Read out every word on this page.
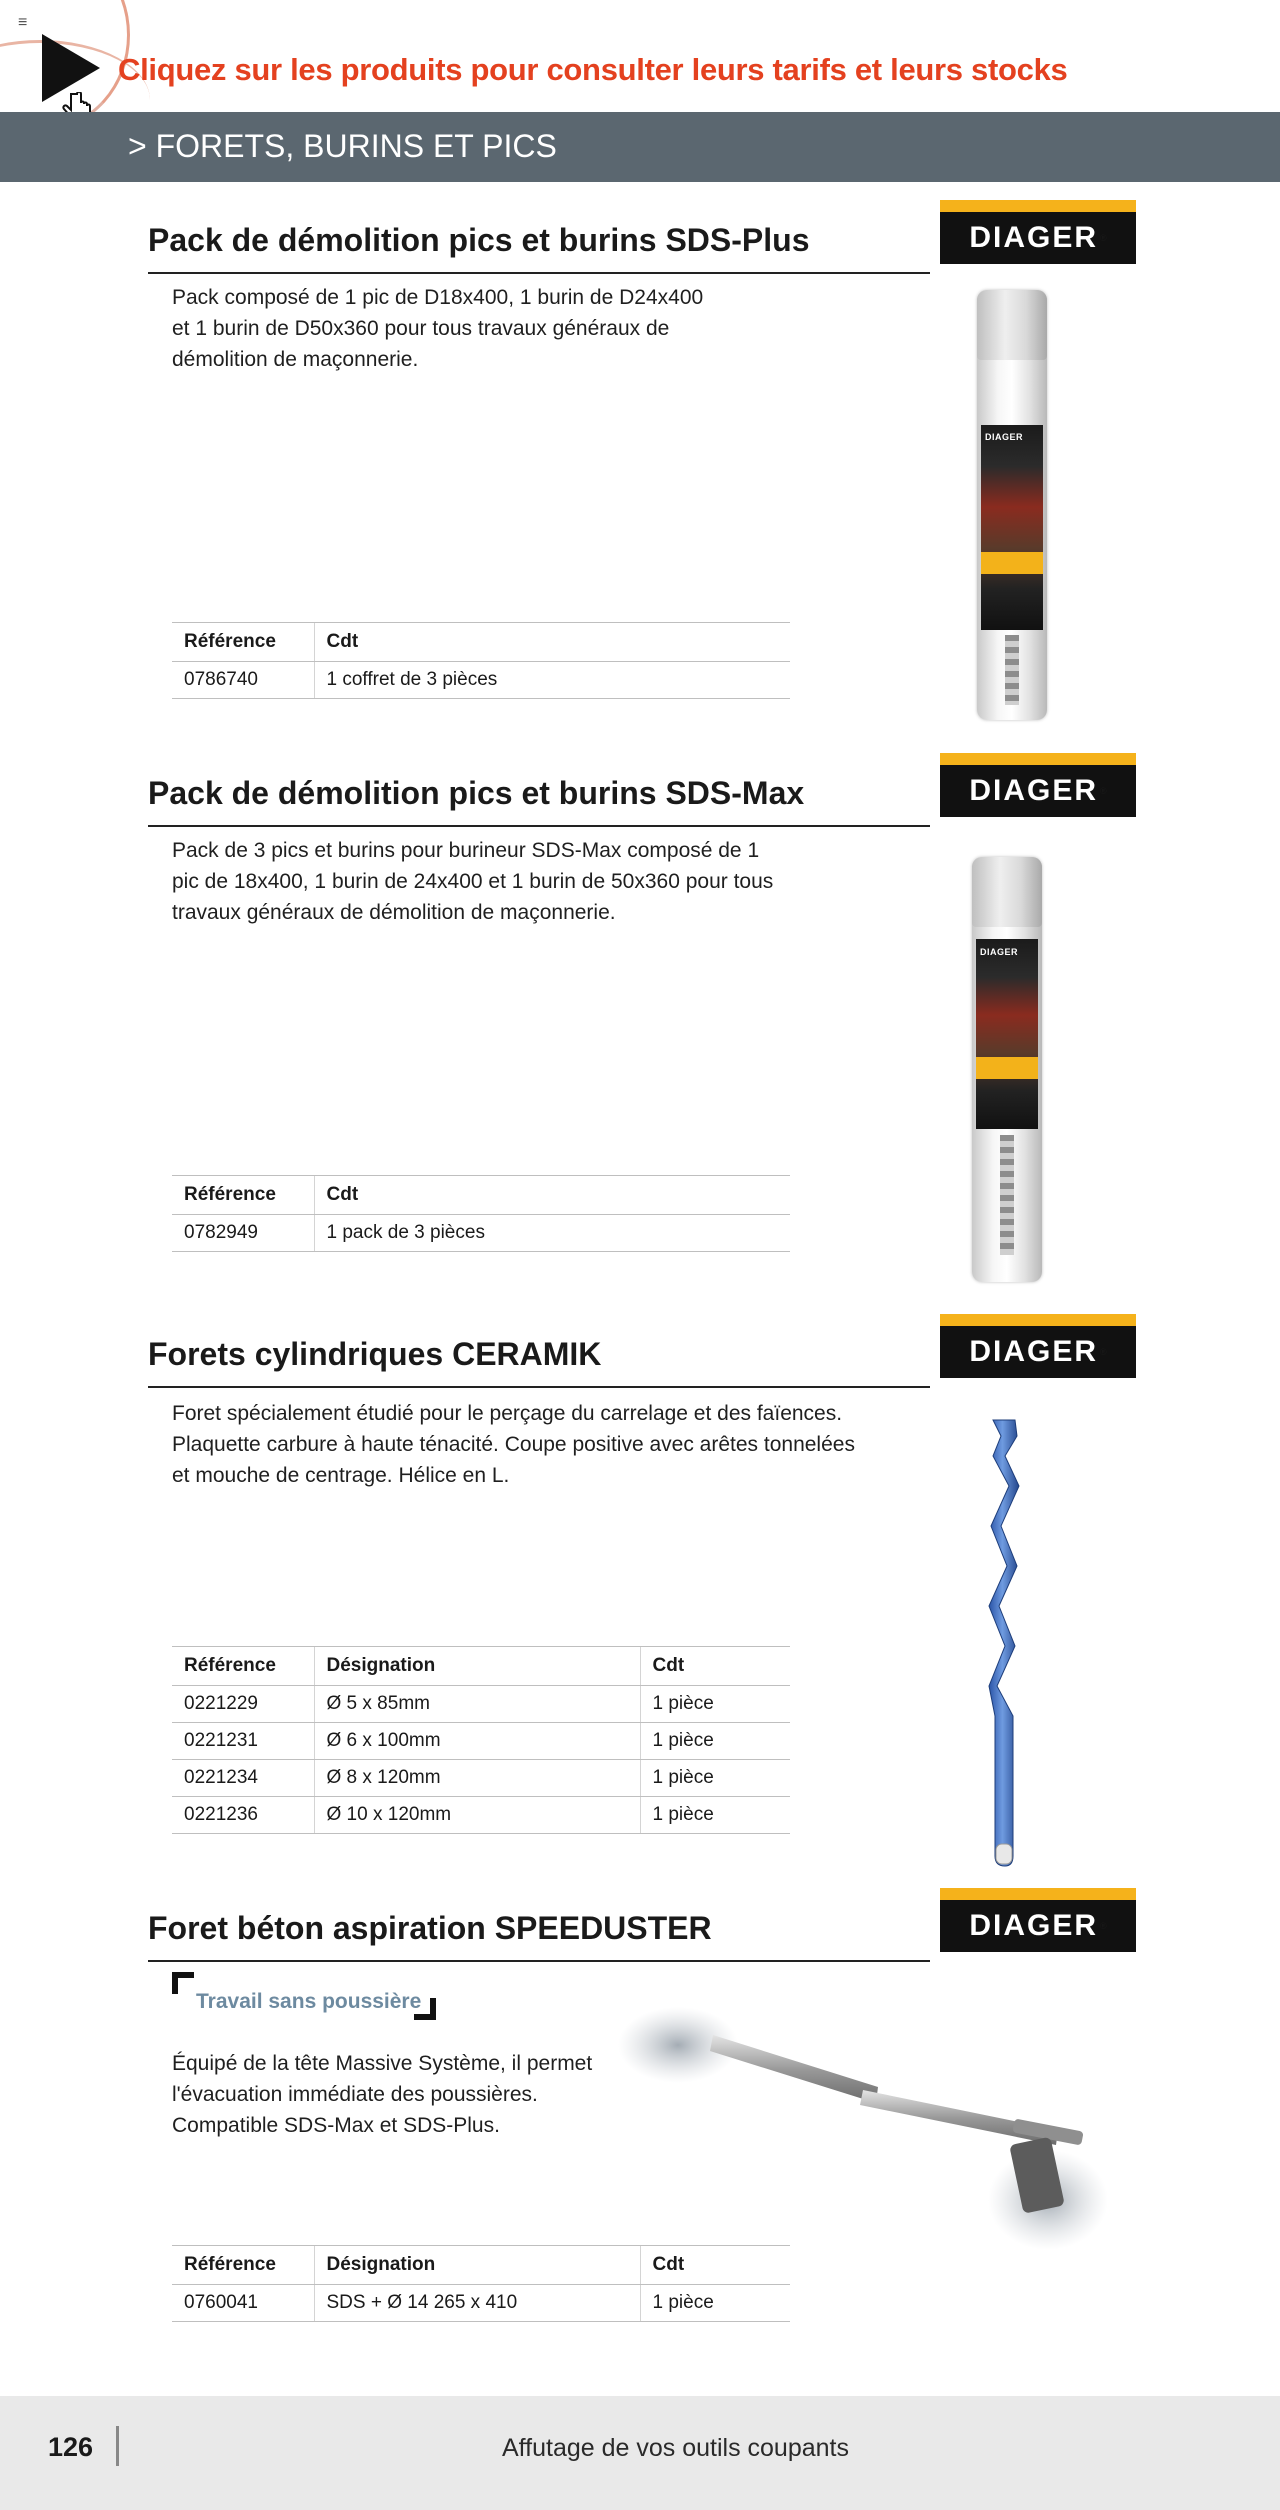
≡
Cliquez sur les produits pour consulter leurs tarifs et leurs stocks
> FORETS, BURINS ET PICS
Pack de démolition pics et burins SDS-Plus	DIAGER ®
Pack composé de 1 pic de D18x400, 1 burin de D24x400
et 1 burin de D50x360 pour tous travaux généraux de
démolition de maçonnerie.
Référence	Cdt
0786740	1 coffret de 3 pièces
DIAGER
Pack de démolition pics et burins SDS-Max	DIAGER ®
Pack de 3 pics et burins pour burineur SDS-Max composé de 1
pic de 18x400, 1 burin de 24x400 et 1 burin de 50x360 pour tous
travaux généraux de démolition de maçonnerie.
Référence	Cdt
0782949	1 pack de 3 pièces
DIAGER
Forets cylindriques CERAMIK	DIAGER ®
Foret spécialement étudié pour le perçage du carrelage et des faïences.
Plaquette carbure à haute ténacité. Coupe positive avec arêtes tonnelées
et mouche de centrage. Hélice en L.
Référence	Désignation	Cdt
0221229	Ø 5 x 85mm	1 pièce
0221231	Ø 6 x 100mm	1 pièce
0221234	Ø 8 x 120mm	1 pièce
0221236	Ø 10 x 120mm	1 pièce
Foret béton aspiration SPEEDUSTER	DIAGER ®
Travail sans poussière
Équipé de la tête Massive Système, il permet
l'évacuation immédiate des poussières.
Compatible SDS-Max et SDS-Plus.
Référence	Désignation	Cdt
0760041	SDS + Ø 14 265 x 410	1 pièce
126	Affutage de vos outils coupants
